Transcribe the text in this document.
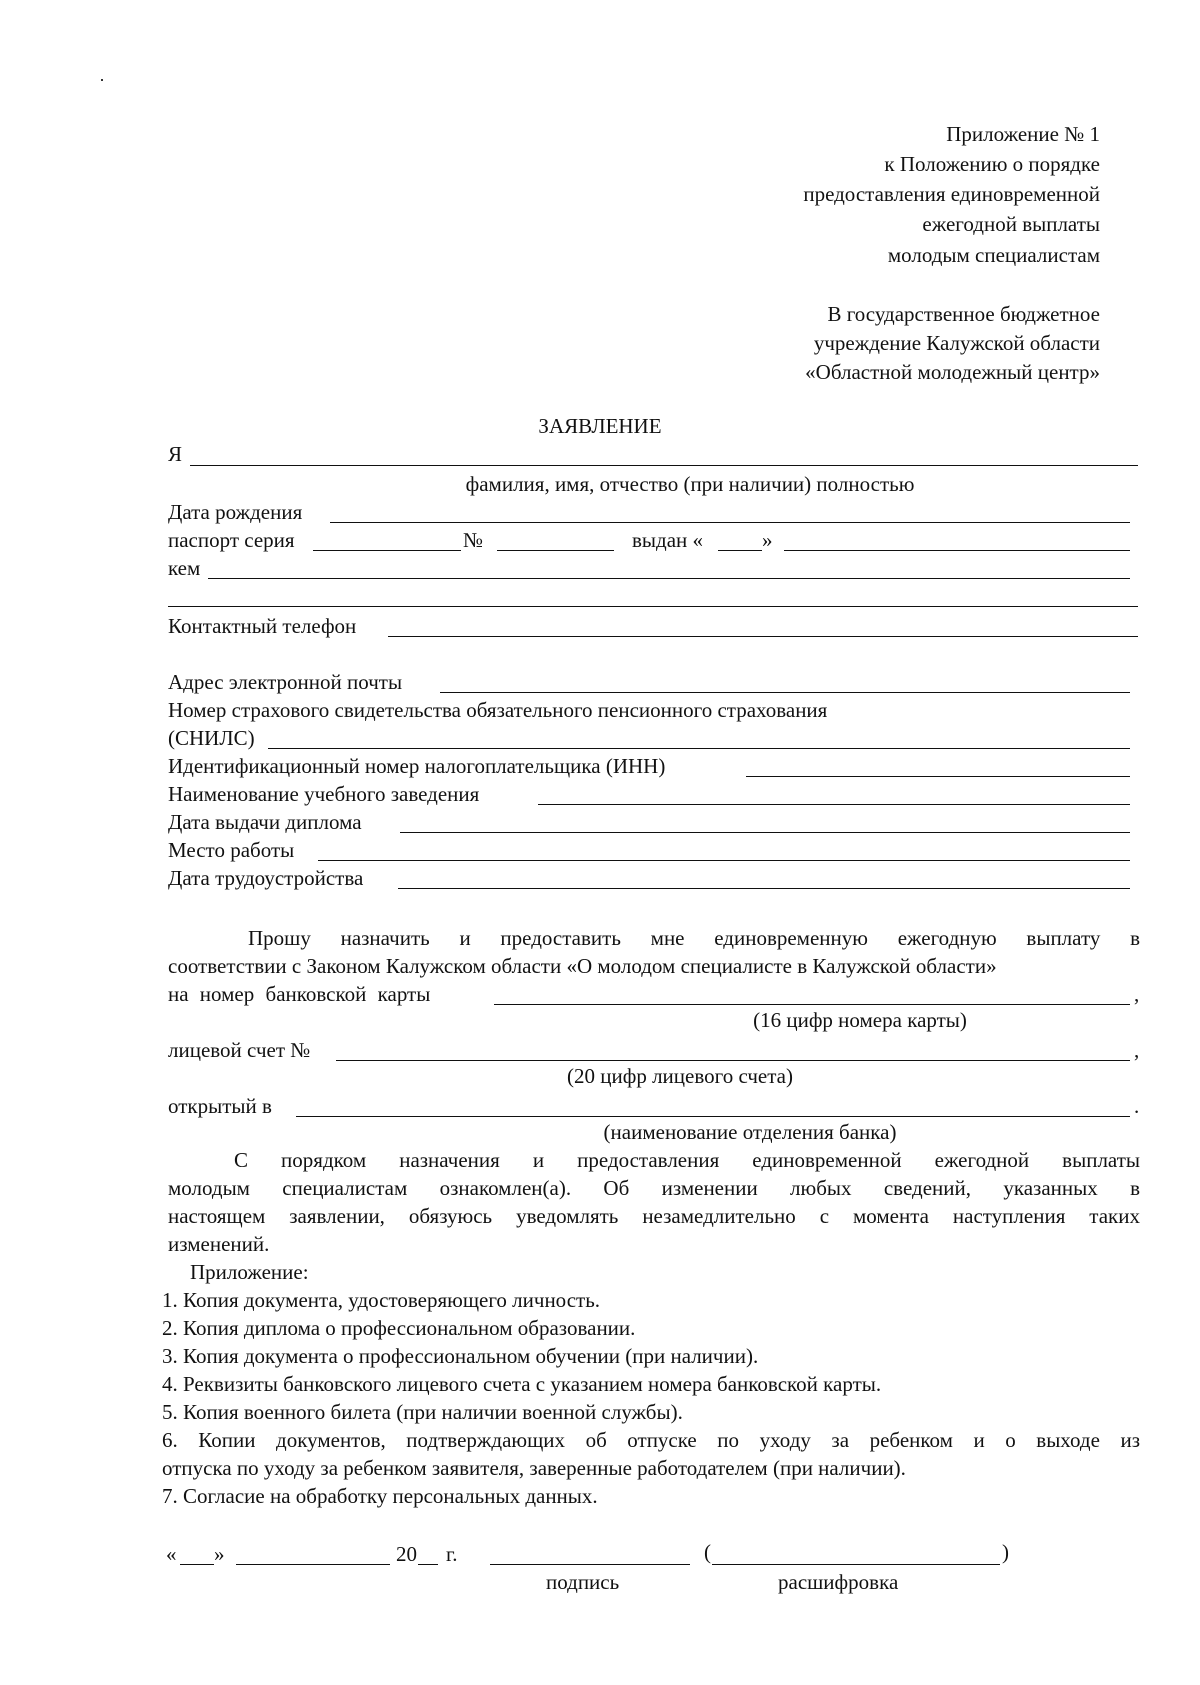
Приложение № 1
к Положению о порядке
предоставления единовременной
ежегодной выплаты
молодым специалистам
В государственное бюджетное
учреждение Калужской области
«Областной молодежный центр»
ЗАЯВЛЕНИЕ
Я
фамилия, имя, отчество (при наличии) полностью
Дата рождения
паспорт серия	№	выдан «	»
кем
Контактный телефон
Адрес электронной почты
Номер страхового свидетельства обязательного пенсионного страхования
(СНИЛС)
Идентификационный номер налогоплательщика (ИНН)
Наименование учебного заведения
Дата выдачи диплома
Место работы
Дата трудоустройства
Прошу назначить и предоставить мне единовременную ежегодную выплату в
соответствии с Законом Калужском области «О молодом специалисте в Калужской области»
на номер банковской карты	,
(16 цифр номера карты)
лицевой счет №	,
(20 цифр лицевого счета)
открытый в	.
(наименование отделения банка)
С порядком назначения и предоставления единовременной ежегодной выплаты
молодым специалистам ознакомлен(а). Об изменении любых сведений, указанных в
настоящем заявлении, обязуюсь уведомлять незамедлительно с момента наступления таких
изменений.
Приложение:
1. Копия документа, удостоверяющего личность.
2. Копия диплома о профессиональном образовании.
3. Копия документа о профессиональном обучении (при наличии).
4. Реквизиты банковского лицевого счета с указанием номера банковской карты.
5. Копия военного билета (при наличии военной службы).
6. Копии документов, подтверждающих об отпуске по уходу за ребенком и о выходе из
отпуска по уходу за ребенком заявителя, заверенные работодателем (при наличии).
7. Согласие на обработку персональных данных.
« »	20 г.	(	)
подпись	расшифровка
